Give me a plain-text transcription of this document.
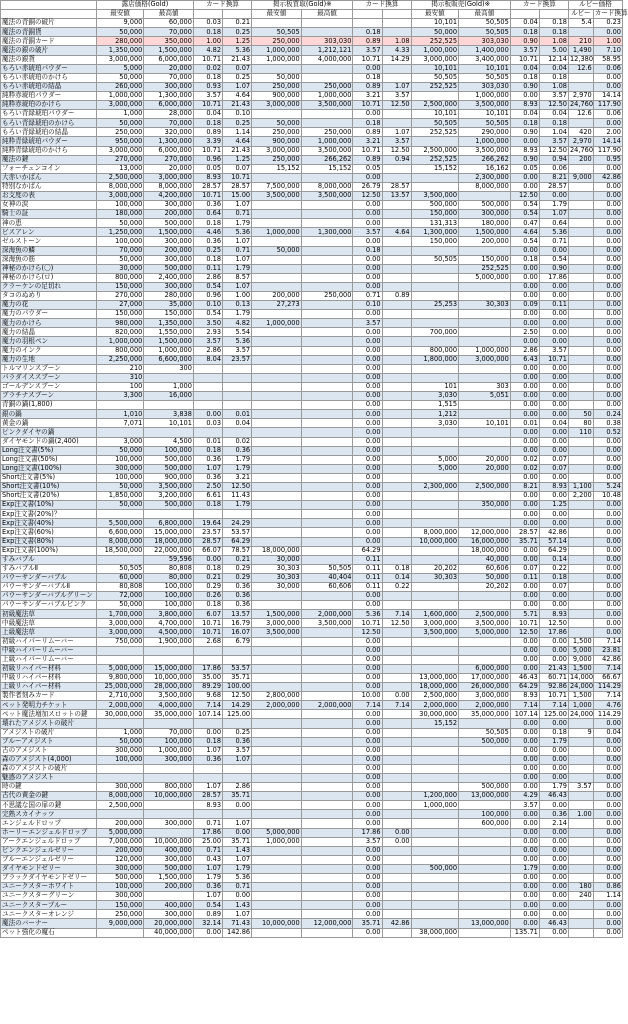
	露店価格(Gold)		カード換算		掲示板買取(Gold)※		カード換算		掲示板販売(Gold)※		カード換算		ルビー価格	
	最安値	最高値			最安値	最高値			最安値	最高値			ルビー	カード換算
魔法の青銅の破片	9,000	60,000	0.03	0.21					10,101	50,505	0.04	0.18	5.4	0.23
魔法の青銅貨	50,000	70,000	0.18	0.25	50,505		0.18		50,000	50,505	0.18	0.18		0.00
魔法の青銅カード	280,000	350,000	1.00	1.25	250,000	303,030	0.89	1.08	252,525	303,030	0.90	1.08	210	1.00
魔法の銀の破片	1,350,000	1,500,000	4.82	5.36	1,000,000	1,212,121	3.57	4.33	1,000,000	1,400,000	3.57	5.00	1,490	7.10
魔法の銀貨	3,000,000	6,000,000	10.71	21.43	1,000,000	4,000,000	10.71	14.29	3,000,000	3,400,000	10.71	12.14	12,380	58.95
もろい赤琥珀パウダー	5,000	20,000	0.02	0.07			0.00		10,101	10,101	0.04	0.04	12.6	0.06
もろい赤琥珀のかけら	50,000	70,000	0.18	0.25	50,000		0.18		50,505	50,505	0.18	0.18		0.00
もろい赤琥珀の結晶	260,000	300,000	0.93	1.07	250,000	250,000	0.89	1.07	252,525	303,030	0.90	1.08		0.00
純粋赤琥珀パウダー	1,000,000	1,300,000	3.57	4.64	900,000	1,000,000	3.21	3.57		1,000,000	0.00	3.57	2,970	14.14
純粋赤琥珀のかけら	3,000,000	6,000,000	10.71	21.43	3,000,000	3,500,000	10.71	12.50	2,500,000	3,500,000	8.93	12.50	24,760	117.90
もろい青緑琥珀パウダー	1,000	28,000	0.04	0.10			0.00		10,101	10,101	0.04	0.04	12.6	0.06
もろい青緑琥珀のかけら	50,000	70,000	0.18	0.25	50,000		0.18		50,505	50,505	0.18	0.18		0.00
もろい青緑琥珀の結晶	250,000	320,000	0.89	1.14	250,000	250,000	0.89	1.07	252,525	290,000	0.90	1.04	420	2.00
純粋青緑琥珀パウダー	950,000	1,300,000	3.39	4.64	900,000	1,000,000	3.21	3.57		1,000,000	0.00	3.57	2,970	14.14
純粋青緑琥珀のかけら	3,000,000	6,000,000	10.71	21.43	3,000,000	3,500,000	10.71	12.50	2,500,000	3,500,000	8.93	12.50	24,760	117.90
魔法の鍵	270,000	270,000	0.96	1.25	250,000	266,262	0.89	0.94	252,525	266,262	0.90	0.94	200	0.95
フォーチュンコイン	13,000	20,000	0.05	0.07	15,152	15,152	0.05		15,152	16,162	0.05	0.06		0.00
大赤いかばん	2,500,000	3,000,000	8.93	10.71			0.00			2,300,000	0.00	8.21	9,000	42.86
特別なかばん	8,000,000	8,000,000	28.57	28.57	7,500,000	8,000,000	26.79	28.57		8,000,000	0.00	28.57		0.00
お支度の表	3,000,000	4,200,000	10.71	15.00	3,500,000	3,500,000	12.50	13.57	3,500,000		12.50	0.00		0.00
女神の涙	100,000	300,000	0.36	1.07			0.00		500,000	500,000	0.54	1.79		0.00
騎士の証	180,000	200,000	0.64	0.71			0.00		150,000	300,000	0.54	1.07		0.00
神の恵	50,000	500,000	0.18	1.79			0.00		131,313	180,000	0.47	0.64		0.00
ビスアレン	1,250,000	1,500,000	4.46	5.36	1,000,000	1,300,000	3.57	4.64	1,300,000	1,500,000	4.64	5.36		0.00
ゼルストーン	100,000	300,000	0.36	1.07			0.00		150,000	200,000	0.54	0.71		0.00
深海魚の鱗	70,000	200,000	0.25	0.71	50,000		0.18				0.00	0.00		0.00
深海魚の筋	50,000	300,000	0.18	1.07			0.00		50,505	150,000	0.18	0.54		0.00
神秘のかけら(〇)	30,000	500,000	0.11	1.79			0.00			252,525	0.00	0.90		0.00
神秘のかけら(ロ)	800,000	2,400,000	2.86	8.57			0.00			5,000,000	0.00	17.86		0.00
クラーケンの足切れ	150,000	300,000	0.54	1.07			0.00				0.00	0.00		0.00
タコのぬめり	270,000	280,000	0.96	1.00	200,000	250,000	0.71	0.89			0.00	0.00		0.00
魔力の花	27,000	35,000	0.10	0.13	27,273		0.10		25,253	30,303	0.09	0.11		0.00
魔力のパウダー	150,000	150,000	0.54	1.79			0.00				0.00	0.00		0.00
魔力のかけら	980,000	1,350,000	3.50	4.82	1,000,000		3.57				0.00	0.00		0.00
魔力の結晶	820,000	1,550,000	2.93	5.54			0.00		700,000		2.50	0.00		0.00
魔力の羽根ペン	1,000,000	1,500,000	3.57	5.36			0.00				0.00	0.00		0.00
魔力のインク	800,000	1,000,000	2.86	3.57			0.00		800,000	1,000,000	2.86	3.57		0.00
魔力の生地	2,250,000	6,600,000	8.04	23.57			0.00		1,800,000	3,000,000	6.43	10.71		0.00
トルマリンスプーン	210	300					0.00				0.00	0.00		0.00
パラダイススプーン	310						0.00				0.00	0.00		0.00
ゴールデンスプーン	100	1,000					0.00		101	303	0.00	0.00		0.00
プラチナスプーン	3,300	16,000					0.00		3,030	5,051	0.00	0.00		0.00
青銅の鍋(1,800)							0.00		1,515		0.00	0.00		0.00
銀の鍋	1,010	3,838	0.00	0.01			0.00		1,212		0.00	0.00	50	0.24
黄金の鍋	7,071	10,101	0.03	0.04			0.00		3,030	10,101	0.01	0.04	80	0.38
ピンクダイヤの鍋							0.00				0.00	0.00	110	0.52
ダイヤモンドの鍋(2,400)	3,000	4,500	0.01	0.02			0.00				0.00	0.00		0.00
Long注文書(5%)	50,000	100,000	0.18	0.36			0.00				0.00	0.00		0.00
Long注文書(50%)	100,000	500,000	0.36	1.79			0.00		5,000	20,000	0.02	0.07		0.00
Long注文書(100%)	300,000	500,000	1.07	1.79			0.00		5,000	20,000	0.02	0.07		0.00
Short注文書(5%)	100,000	900,000	0.36	3.21			0.00				0.00	0.00		0.00
Short注文書(10%)	50,000	3,500,000	2.50	12.50			0.00		2,300,000	2,500,000	8.21	8.93	1,100	5.24
Short注文書(20%)	1,850,000	3,200,000	6.61	11.43			0.00				0.00	0.00	2,200	10.48
Exp注文書(10%)	50,000	500,000	0.18	1.79			0.00			350,000	0.00	1.25		0.00
Exp注文書(20%)？							0.00				0.00	0.00		0.00
Exp注文書(40%)	5,500,000	6,800,000	19.64	24.29			0.00				0.00	0.00		0.00
Exp注文書(60%)	6,600,000	15,000,000	23.57	53.57			0.00		8,000,000	12,000,000	28.57	42.86		0.00
Exp注文書(80%)	8,000,000	18,000,000	28.57	64.29			0.00		10,000,000	16,000,000	35.71	57.14		0.00
Exp注文書(100%)	18,500,000	22,000,000	66.07	78.57	18,000,000		64.29			18,000,000	0.00	64.29		0.00
すみバブル		59,596	0.00	0.21	30,000		0.11			40,000	0.00	0.14		0.00
すみバブルⅡ	50,505	80,808	0.18	0.29	30,303	50,505	0.11	0.18	20,202	60,606	0.07	0.22		0.00
パウーサンダーバブル	60,000	80,000	0.21	0.29	30,303	40,404	0.11	0.14	30,303	50,000	0.11	0.18		0.00
パウーサンダーバブルⅡ	80,808	100,000	0.29	0.36	30,000	60,606	0.11	0.22		20,202	0.00	0.07		0.00
パウーサンダーバブルグリーン	72,000	100,000	0.26	0.36			0.00				0.00	0.00		0.00
パウーサンダーバブルピンク	50,000	100,000	0.18	0.36			0.00				0.00	0.00		0.00
初級魔法草	1,700,000	3,800,000	6.07	13.57	1,500,000	2,000,000	5.36	7.14	1,600,000	2,500,000	5.71	8.93		0.00
中級魔法草	3,000,000	4,700,000	10.71	16.79	3,000,000	3,500,000	10.71	12.50	3,000,000	3,500,000	10.71	12.50		0.00
上級魔法草	3,000,000	4,500,000	10.71	16.07	3,500,000		12.50		3,500,000	5,000,000	12.50	17.86		0.00
初級ハイパーリムーバー	750,000	1,900,000	2.68	6.79			0.00				0.00	0.00	1,500	7.14
中級ハイパーリムーバー							0.00				0.00	0.00	5,000	23.81
上級ハイパーリムーバー							0.00				0.00	0.00	9,000	42.86
初級リハイパー材料	5,000,000	15,000,000	17.86	53.57			0.00			6,000,000	0.00	21.43	1,500	7.14
中級リハイパー材料	9,800,000	10,000,000	35.00	35.71			0.00		13,000,000	17,000,000	46.43	60.71	14,000	66.67
上級リハイパー材料	25,000,000	28,000,000	89.29	100.00			0.00		18,000,000	26,000,000	64.29	92.86	24,000	114.29
製作者刻みカード	2,710,000	3,500,000	9.68	12.50	2,800,000		10.00	0.00	2,500,000	3,000,000	8.93	10.71	1,500	7.14
ペット発明力チケット	2,000,000	4,000,000	7.14	14.29	2,000,000	2,000,000	7.14	7.14	2,000,000	2,000,000	7.14	7.14	1,000	4.76
ペット魔法増加スロットの鍵	30,000,000	35,000,000	107.14	125.00			0.00		30,000,000	35,000,000	107.14	125.00	24,000	114.29
壊れたアメジストの破片							0.00		15,152		0.00	0.00		0.00
アメジストの破片	1,000	70,000	0.00	0.25			0.00			50,505	0.00	0.18	9	0.04
ブルーアメジスト	50,000	100,000	0.18	0.36			0.00			500,000	0.00	1.79		0.00
古のアメジスト	300,000	1,000,000	1.07	3.57			0.00				0.00	0.00		0.00
森のアメジスト(4,000)	100,000	300,000	0.36	1.07			0.00				0.00	0.00		0.00
森のアメジストの破片							0.00				0.00	0.00		0.00
魅惑のアメジスト							0.00				0.00	0.00		0.00
時の鍵	300,000	800,000	1.07	2.86			0.00			500,000	0.00	1.79	3.57	0.00
古代の黄金の鍵	8,000,000	10,000,000	28.57	35.71			0.00		1,200,000	13,000,000	4.29	46.43		0.00
不思議な国の扉の鍵	2,500,000		8.93	0.00			0.00		1,000,000		3.57	0.00		0.00
完熟スカイナッツ							0.00			100,000	0.00	0.36	1.00	0.00
エンジェルドロップ	200,000	300,000	0.71	1.07			0.00			600,000	0.00	2.14		0.00
ホーリーエンジェルドロップ	5,000,000		17.86	0.00	5,000,000		17.86	0.00			0.00	0.00		0.00
アークエンジェルドロップ	7,000,000	10,000,000	25.00	35.71	1,000,000		3.57	0.00			0.00	0.00		0.00
ピンクエンジェルゼリー	200,000	400,000	0.71	1.43			0.00				0.00	0.00		0.00
ブルーエンジェルゼリー	120,000	300,000	0.43	1.07			0.00				0.00	0.00		0.00
ダイヤモンドゼリー	300,000	500,000	1.07	1.79			0.00		500,000		1.79	0.00		0.00
ブラックダイヤモンドゼリー	500,000	1,500,000	1.79	5.36			0.00				0.00	0.00		0.00
ユニークスターホワイト	100,000	200,000	0.36	0.71			0.00				0.00	0.00	180	0.86
ユニークスターグリーン	300,000		1.07	0.00			0.00				0.00	0.00	240	1.14
ユニークスターブルー	150,000	400,000	0.54	1.43			0.00				0.00	0.00		0.00
ユニークスターオレンジ	250,000	300,000	0.89	1.07			0.00				0.00	0.00		0.00
魔法のバーナー	9,000,000	20,000,000	32.14	71.43	10,000,000	12,000,000	35.71	42.86		13,000,000	0.00	46.43		0.00
ペット強化の魔石		40,000,000	0.00	142.86			0.00		38,000,000		135.71	0.00		0.00
